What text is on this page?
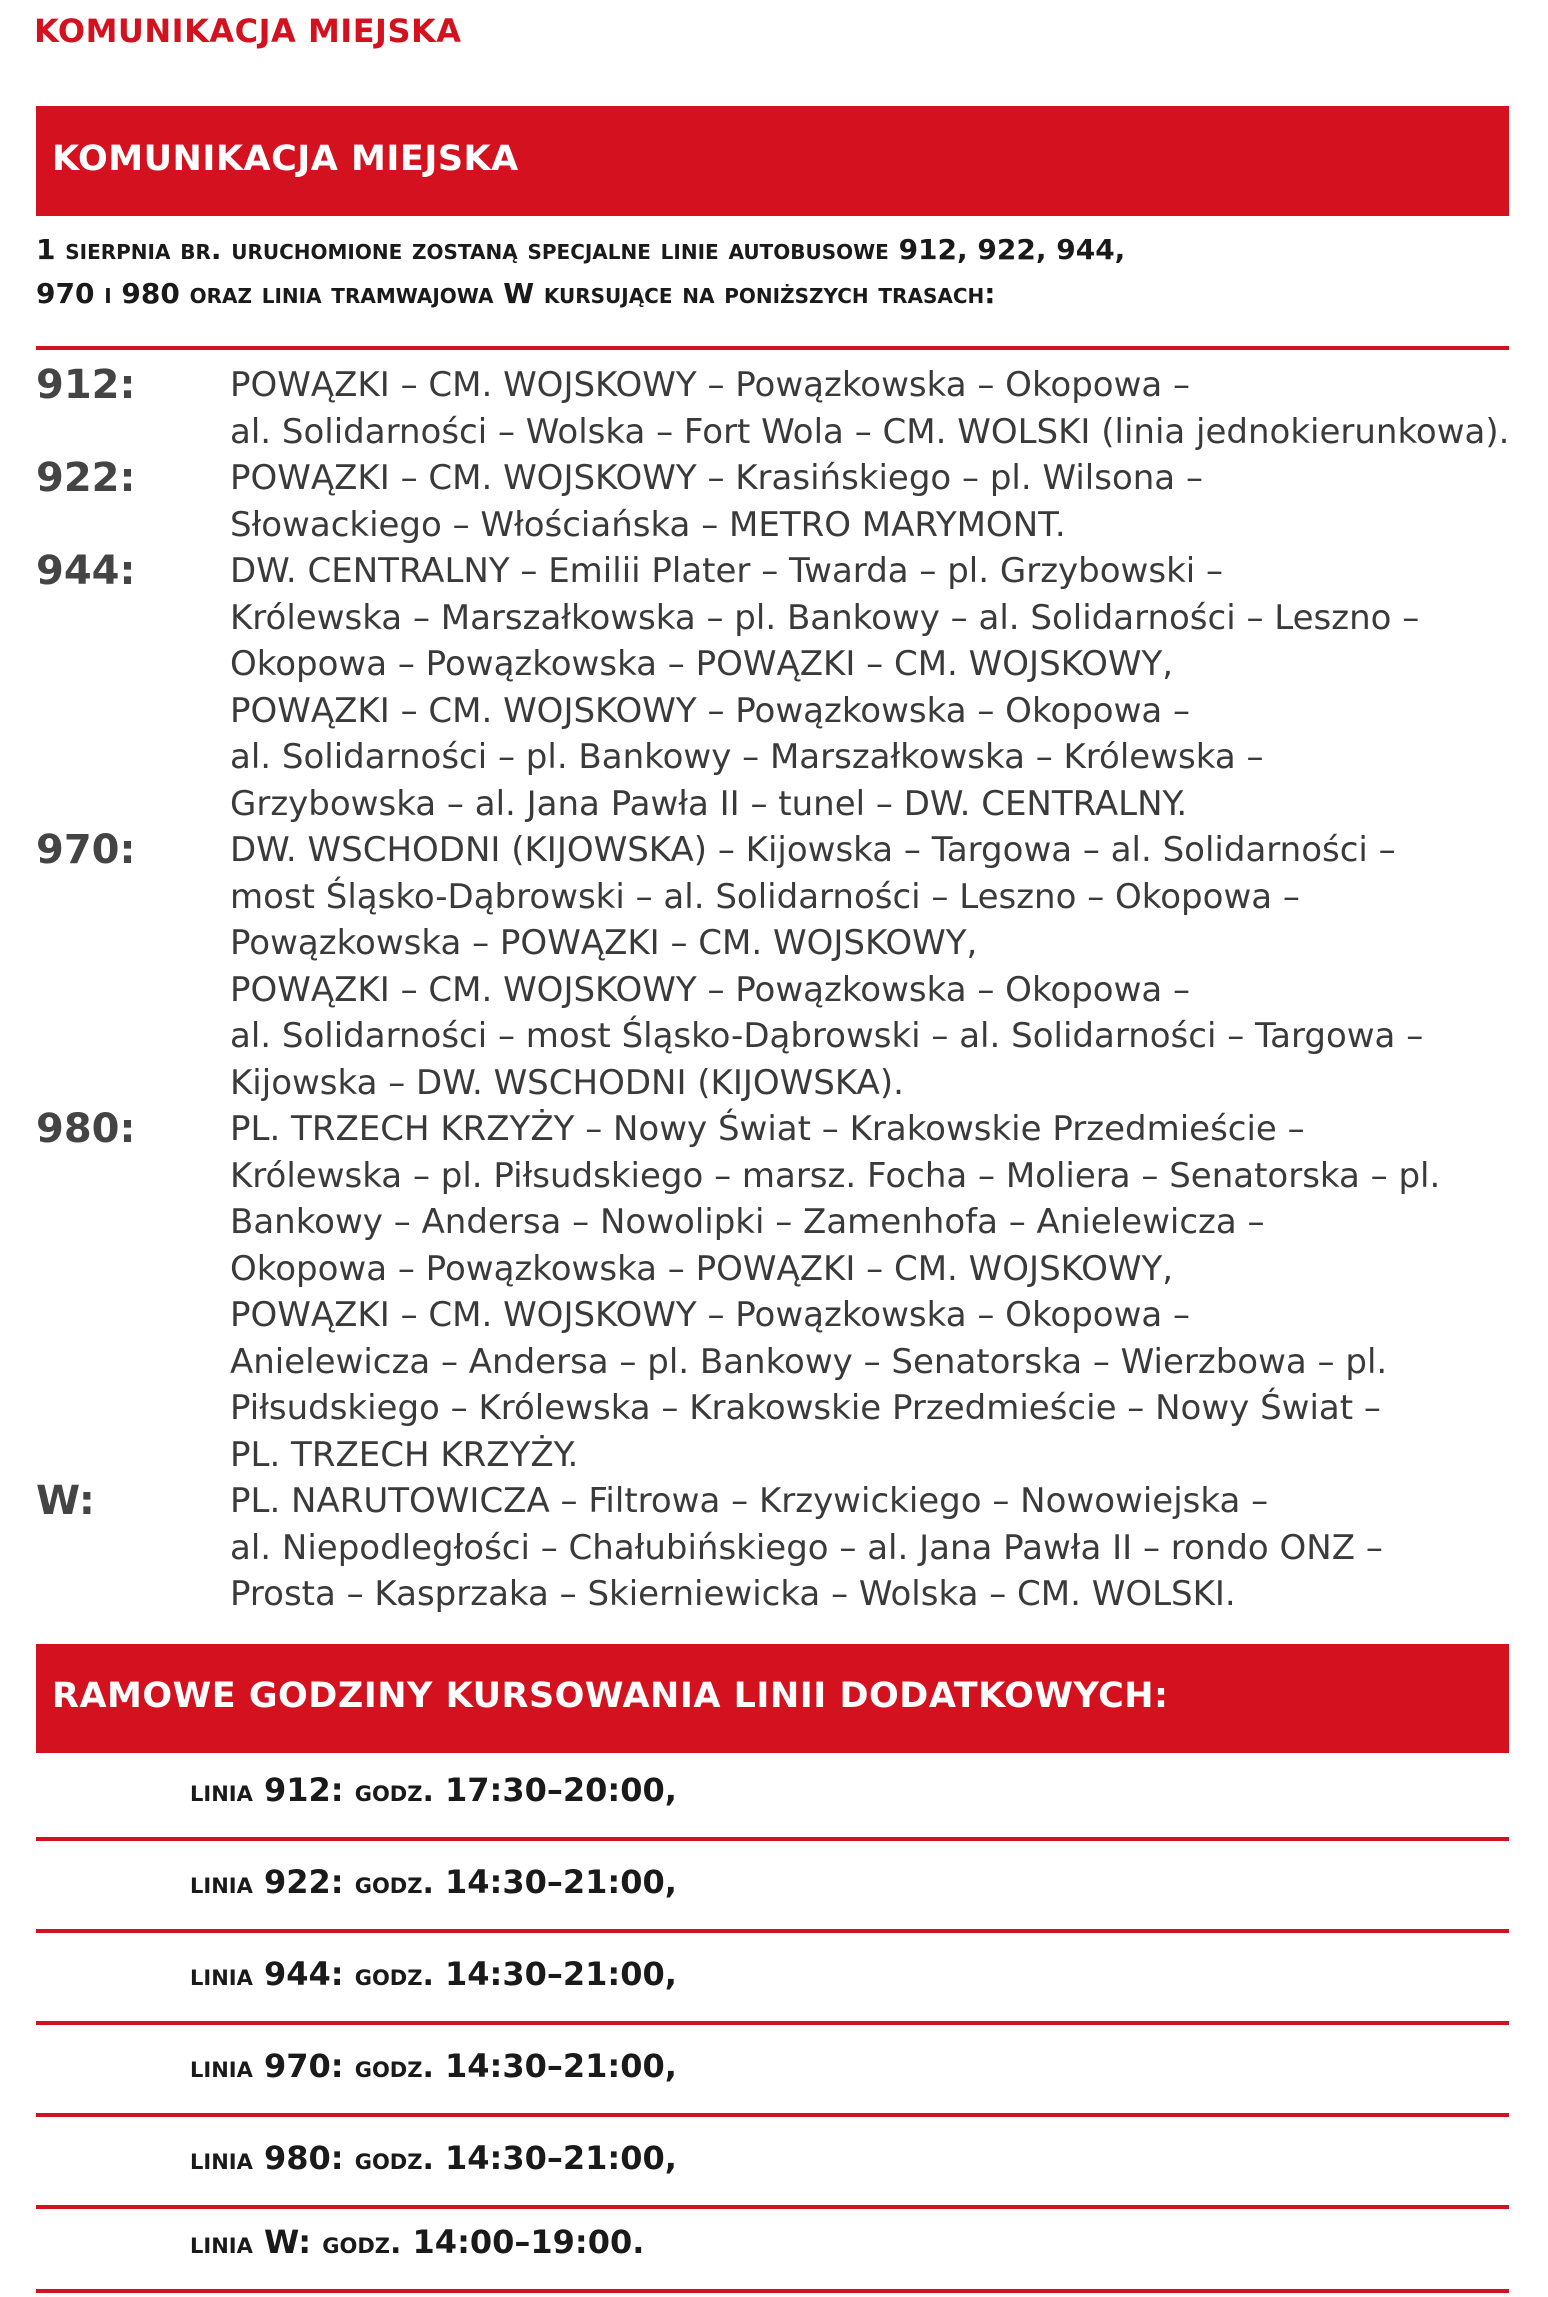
KOMUNIKACJA MIEJSKA
KOMUNIKACJA MIEJSKA
1 sierpnia br. uruchomione zostaną specjalne linie autobusowe 912, 922, 944,
970 i 980 oraz linia tramwajowa W kursujące na poniższych trasach:
912:	POWĄZKI – CM. WOJSKOWY – Powązkowska – Okopowa –
al. Solidarności – Wolska – Fort Wola – CM. WOLSKI (linia jednokierunkowa).
922:	POWĄZKI – CM. WOJSKOWY – Krasińskiego – pl. Wilsona –
Słowackiego – Włościańska – METRO MARYMONT.
944:	DW. CENTRALNY – Emilii Plater – Twarda – pl. Grzybowski –
Królewska – Marszałkowska – pl. Bankowy – al. Solidarności – Leszno –
Okopowa – Powązkowska – POWĄZKI – CM. WOJSKOWY,
POWĄZKI – CM. WOJSKOWY – Powązkowska – Okopowa –
al. Solidarności – pl. Bankowy – Marszałkowska – Królewska –
Grzybowska – al. Jana Pawła II – tunel – DW. CENTRALNY.
970:	DW. WSCHODNI (KIJOWSKA) – Kijowska – Targowa – al. Solidarności –
most Śląsko-Dąbrowski – al. Solidarności – Leszno – Okopowa –
Powązkowska – POWĄZKI – CM. WOJSKOWY,
POWĄZKI – CM. WOJSKOWY – Powązkowska – Okopowa –
al. Solidarności – most Śląsko-Dąbrowski – al. Solidarności – Targowa –
Kijowska – DW. WSCHODNI (KIJOWSKA).
980:	PL. TRZECH KRZYŻY – Nowy Świat – Krakowskie Przedmieście –
Królewska – pl. Piłsudskiego – marsz. Focha – Moliera – Senatorska – pl.
Bankowy – Andersa – Nowolipki – Zamenhofa – Anielewicza –
Okopowa – Powązkowska – POWĄZKI – CM. WOJSKOWY,
POWĄZKI – CM. WOJSKOWY – Powązkowska – Okopowa –
Anielewicza – Andersa – pl. Bankowy – Senatorska – Wierzbowa – pl.
Piłsudskiego – Królewska – Krakowskie Przedmieście – Nowy Świat –
PL. TRZECH KRZYŻY.
W:	PL. NARUTOWICZA – Filtrowa – Krzywickiego – Nowowiejska –
al. Niepodległości – Chałubińskiego – al. Jana Pawła II – rondo ONZ –
Prosta – Kasprzaka – Skierniewicka – Wolska – CM. WOLSKI.
RAMOWE GODZINY KURSOWANIA LINII DODATKOWYCH:
linia 912: godz. 17:30–20:00,
linia 922: godz. 14:30–21:00,
linia 944: godz. 14:30–21:00,
linia 970: godz. 14:30–21:00,
linia 980: godz. 14:30–21:00,
linia W: godz. 14:00–19:00.
